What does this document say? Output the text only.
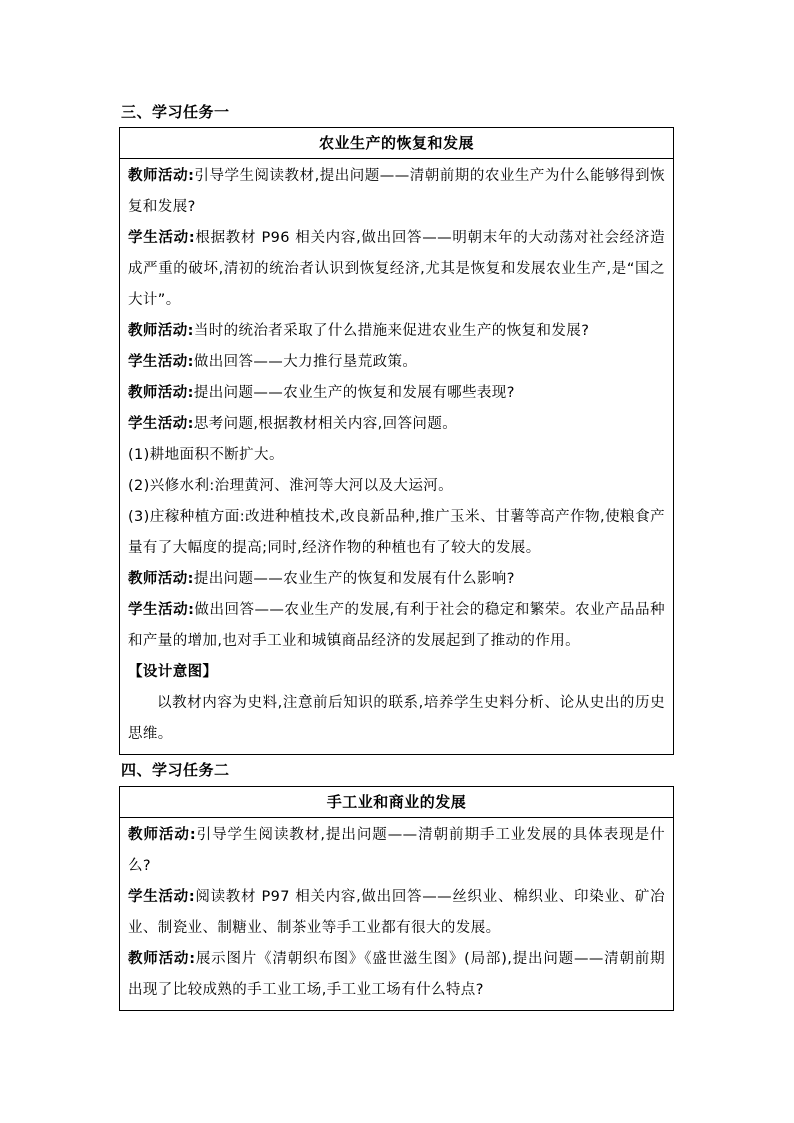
三、学习任务一
农业生产的恢复和发展

教师活动:引导学生阅读教材,提出问题——清朝前期的农业生产为什么能够得到恢复和发展?

学生活动:根据教材 P96 相关内容,做出回答——明朝末年的大动荡对社会经济造成严重的破坏,清初的统治者认识到恢复经济,尤其是恢复和发展农业生产,是“国之大计”。

教师活动:当时的统治者采取了什么措施来促进农业生产的恢复和发展?

学生活动:做出回答——大力推行垦荒政策。

教师活动:提出问题——农业生产的恢复和发展有哪些表现?

学生活动:思考问题,根据教材相关内容,回答问题。

(1)耕地面积不断扩大。

(2)兴修水利:治理黄河、淮河等大河以及大运河。

(3)庄稼种植方面:改进种植技术,改良新品种,推广玉米、甘薯等高产作物,使粮食产量有了大幅度的提高;同时,经济作物的种植也有了较大的发展。

教师活动:提出问题——农业生产的恢复和发展有什么影响?

学生活动:做出回答——农业生产的发展,有利于社会的稳定和繁荣。农业产品品种和产量的增加,也对手工业和城镇商品经济的发展起到了推动的作用。

【设计意图】

以教材内容为史料,注意前后知识的联系,培养学生史料分析、论从史出的历史思维。

四、学习任务二
手工业和商业的发展

教师活动:引导学生阅读教材,提出问题——清朝前期手工业发展的具体表现是什么?

学生活动:阅读教材 P97 相关内容,做出回答——丝织业、棉织业、印染业、矿冶业、制瓷业、制糖业、制茶业等手工业都有很大的发展。

教师活动:展示图片《清朝织布图》《盛世滋生图》(局部),提出问题——清朝前期出现了比较成熟的手工业工场,手工业工场有什么特点?
